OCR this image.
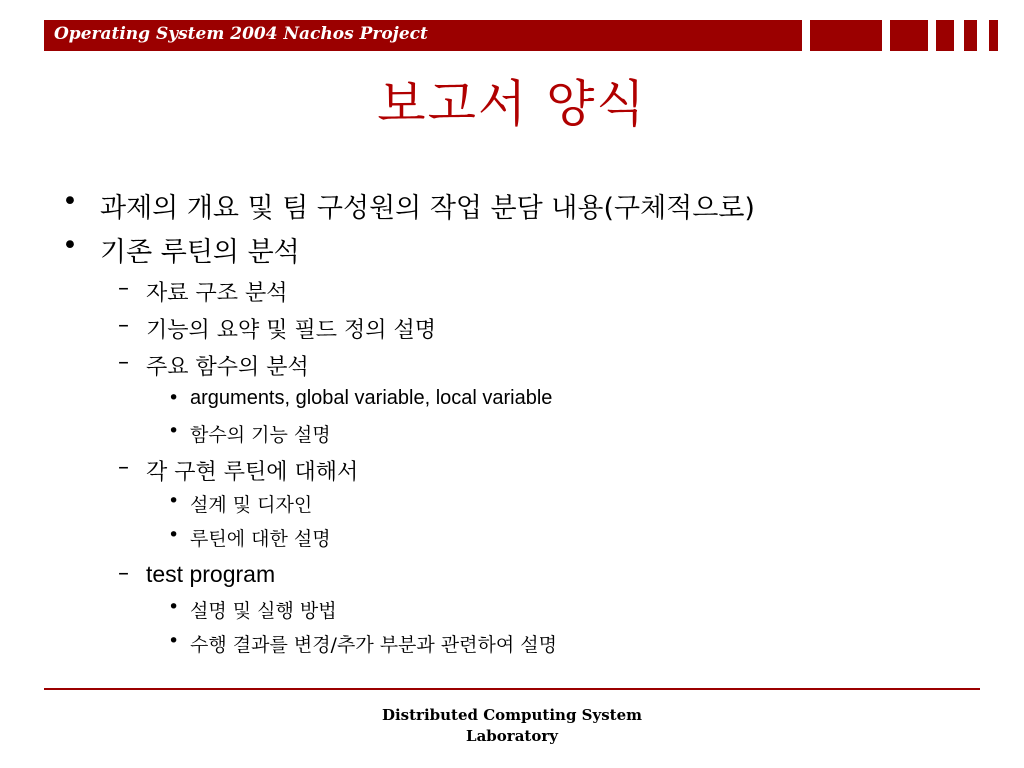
Operating System 2004 Nachos Project
보고서 양식
• 과제의 개요 및 팀 구성원의 작업 분담 내용(구체적으로)
• 기존 루틴의 분석
– 자료 구조 분석
– 기능의 요약 및 필드 정의 설명
– 주요 함수의 분석
• arguments, global variable, local variable
• 함수의 기능 설명
– 각 구현 루틴에 대해서
• 설계 및 디자인
• 루틴에 대한 설명
– test program
• 설명 및 실행 방법
• 수행 결과를 변경/추가 부분과 관련하여 설명
Distributed Computing System
Laboratory
